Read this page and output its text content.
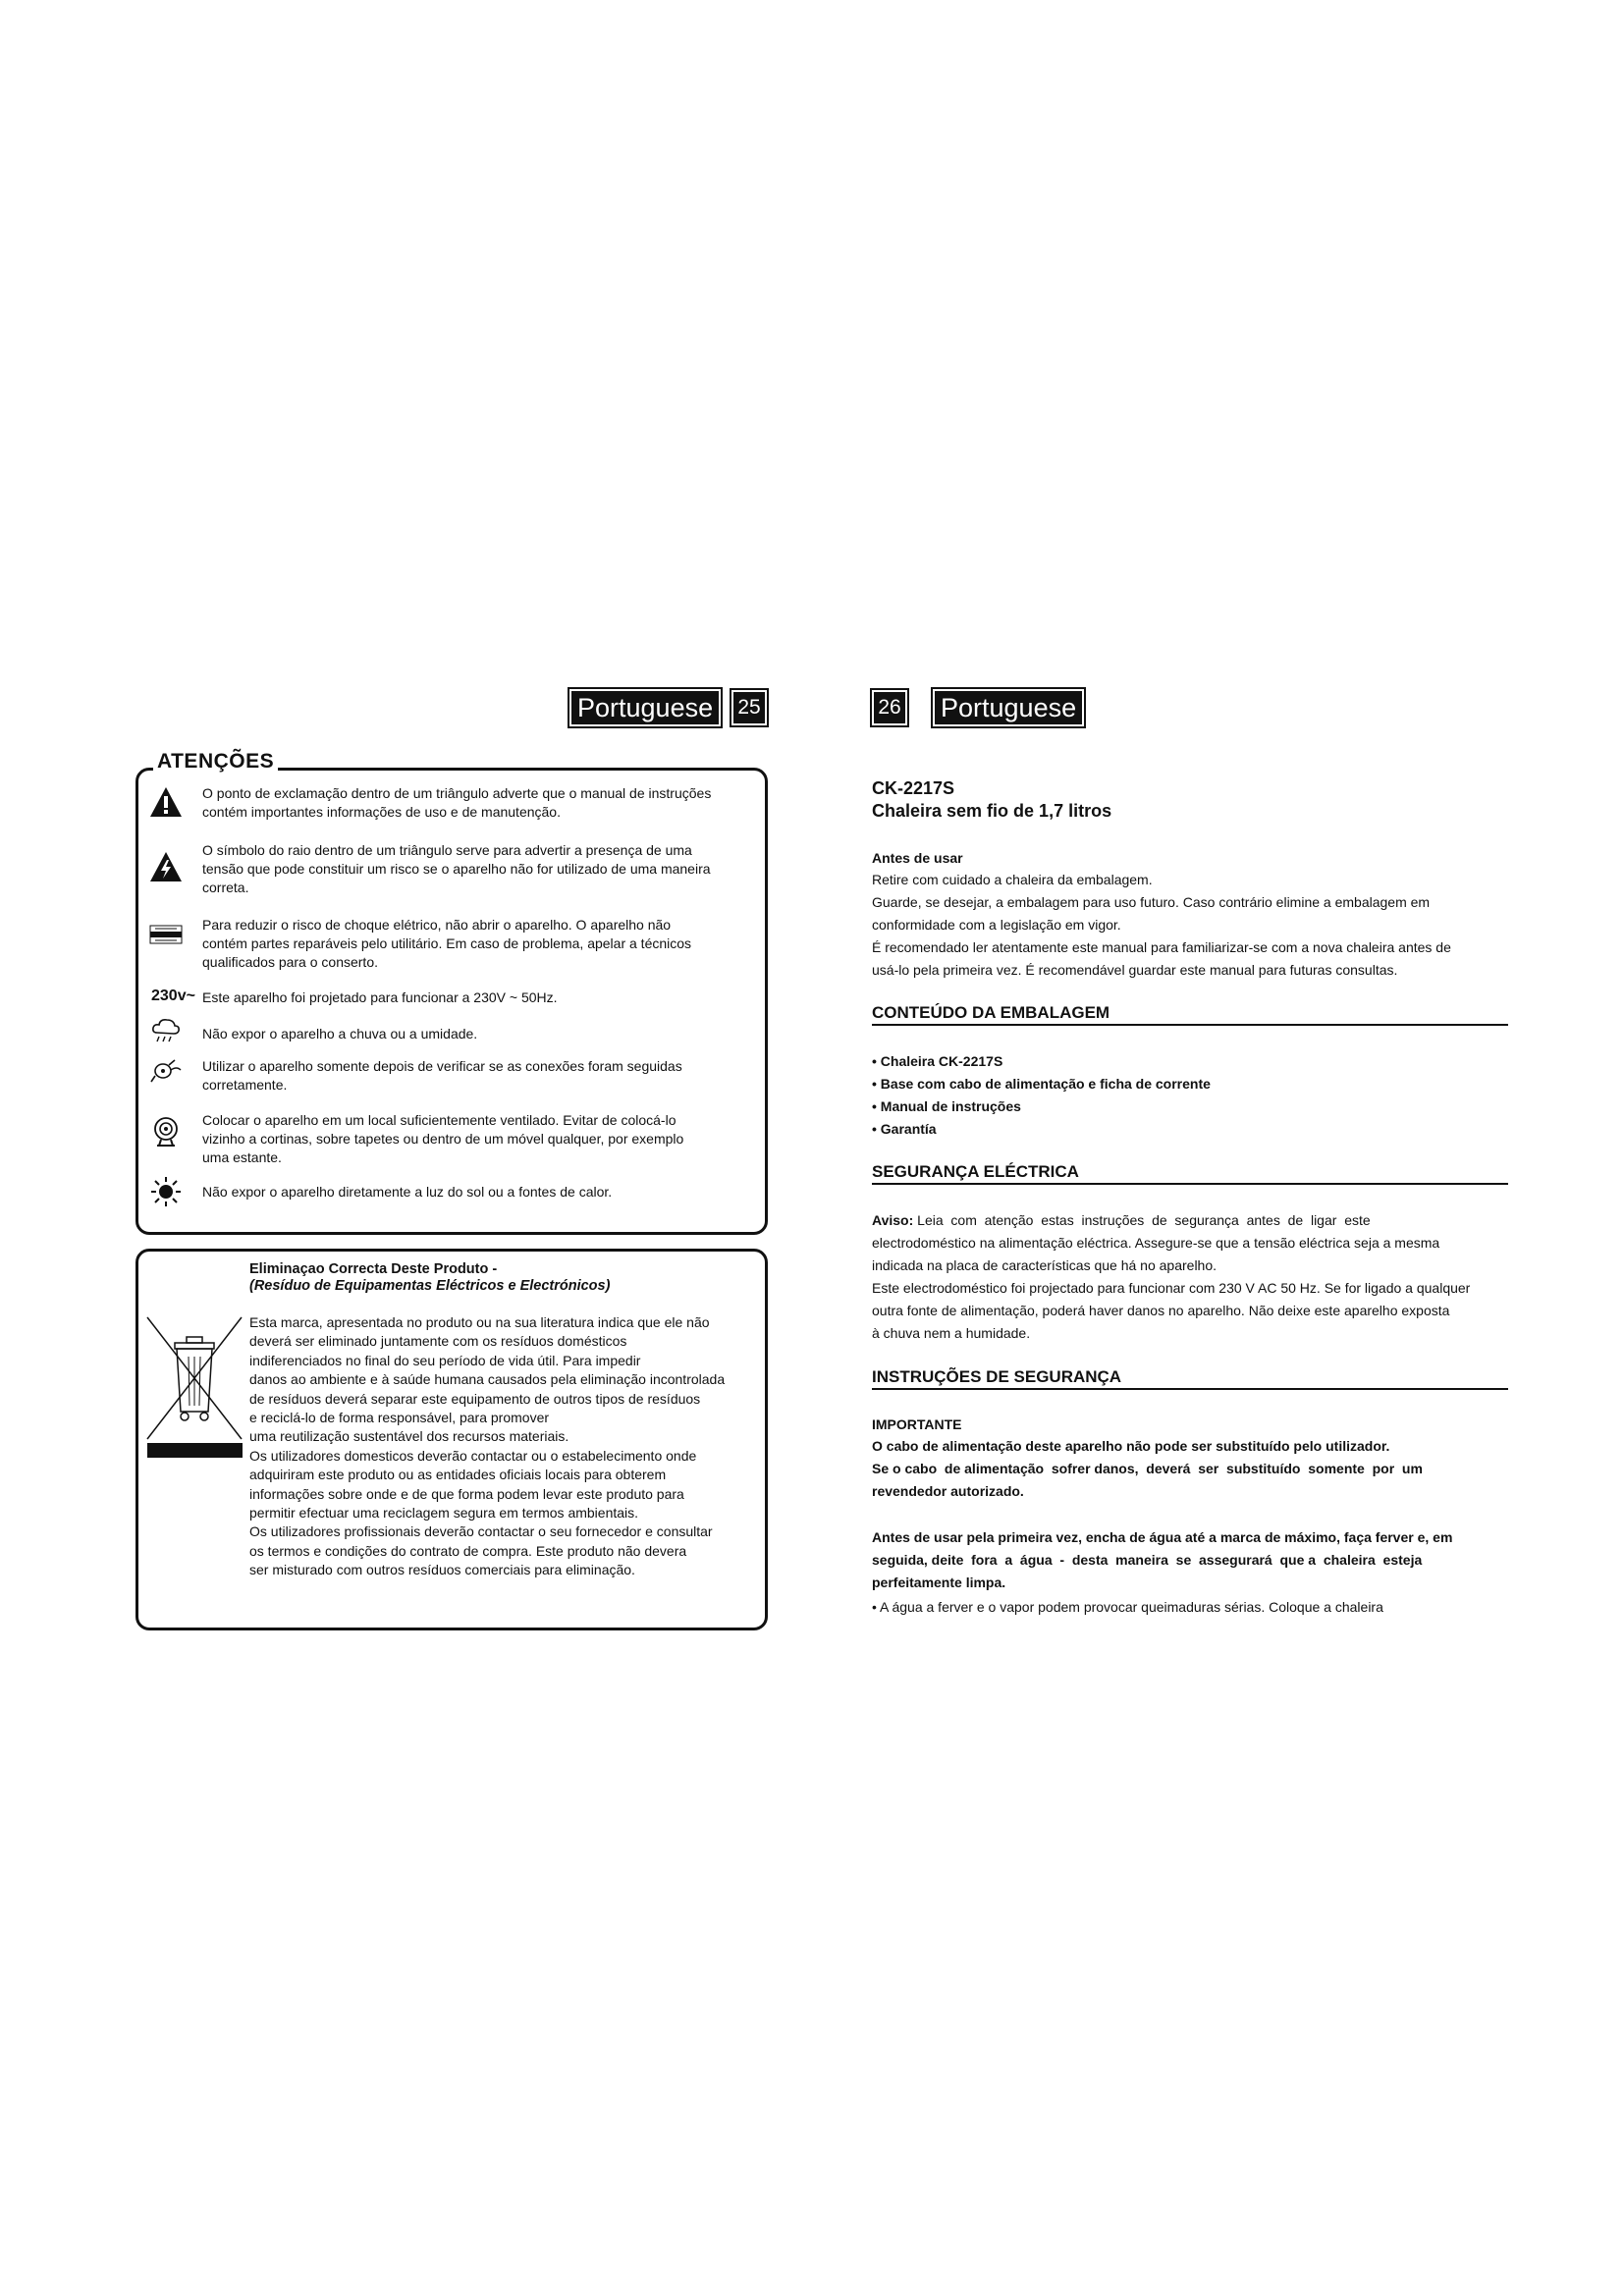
Portuguese	25
ATENÇÕES
O ponto de exclamação dentro de um triângulo adverte que o manual de instruções
contém importantes informações de uso e de manutenção.
O símbolo do raio dentro de um triângulo serve para advertir a presença de uma
tensão que pode constituir um risco se o aparelho não for utilizado de uma maneira
correta.
Para reduzir o risco de choque elétrico, não abrir o aparelho. O aparelho não
contém partes reparáveis pelo utilitário. Em caso de problema, apelar a técnicos
qualificados para o conserto.
230v~ Este aparelho foi projetado para funcionar a 230V ~ 50Hz.
Não expor o aparelho a chuva ou a umidade.
Utilizar o aparelho somente depois de verificar se as conexões foram seguidas
corretamente.
Colocar o aparelho em um local suficientemente ventilado. Evitar de colocá-lo
vizinho a cortinas, sobre tapetes ou dentro de um móvel qualquer, por exemplo
uma estante.
Não expor o aparelho diretamente a luz do sol ou a fontes de calor.
Eliminaçao Correcta Deste Produto -
(Resíduo de Equipamentas Eléctricos e Electrónicos)

Esta marca, apresentada no produto ou na sua literatura indica que ele não

deverá ser eliminado juntamente com os resíduos domésticos

indiferenciados no final do seu período de vida útil. Para impedir

danos ao ambiente e à saúde humana causados pela eliminação incontrolada

de resíduos deverá separar este equipamento de outros tipos de resíduos

e reciclá-lo de forma responsável, para promover

uma reutilização sustentável dos recursos materiais.

Os utilizadores domesticos deverão contactar ou o estabelecimento onde

adquiriram este produto ou as entidades oficiais locais para obterem

informações sobre onde e de que forma podem levar este produto para

permitir efectuar uma reciclagem segura em termos ambientais.

Os utilizadores profissionais deverão contactar o seu fornecedor e consultar

os termos e condições do contrato de compra. Este produto não devera

ser misturado com outros resíduos comerciais para eliminação.

26	Portuguese
CK-2217S
Chaleira sem fio de 1,7 litros
Antes de usar

Retire com cuidado a chaleira da embalagem.

Guarde, se desejar, a embalagem para uso futuro. Caso contrário elimine a embalagem em

conformidade com a legislação em vigor.

É recomendado ler atentamente este manual para familiarizar-se com a nova chaleira antes de

usá-lo pela primeira vez. É recomendável guardar este manual para futuras consultas.

CONTEÚDO DA EMBALAGEM

• Chaleira CK-2217S

• Base com cabo de alimentação e ficha de corrente

• Manual de instruções

• Garantía

SEGURANÇA ELÉCTRICA

Aviso: Leia  com  atenção  estas  instruções  de  segurança  antes  de  ligar  este

electrodoméstico na alimentação eléctrica. Assegure-se que a tensão eléctrica seja a mesma

indicada na placa de características que há no aparelho.

Este electrodoméstico foi projectado para funcionar com 230 V AC 50 Hz. Se for ligado a qualquer

outra fonte de alimentação, poderá haver danos no aparelho. Não deixe este aparelho exposta

à chuva nem a humidade.

INSTRUÇÕES DE SEGURANÇA
IMPORTANTE

O cabo de alimentação deste aparelho não pode ser substituído pelo utilizador.

Se o cabo  de alimentação  sofrer danos,  deverá  ser  substituído  somente  por  um

revendedor autorizado.

Antes de usar pela primeira vez, encha de água até a marca de máximo, faça ferver e, em

seguida, deite  fora  a  água  -  desta  maneira  se  assegurará  que a  chaleira  esteja

perfeitamente limpa.

• A água a ferver e o vapor podem provocar queimaduras sérias. Coloque a chaleira
